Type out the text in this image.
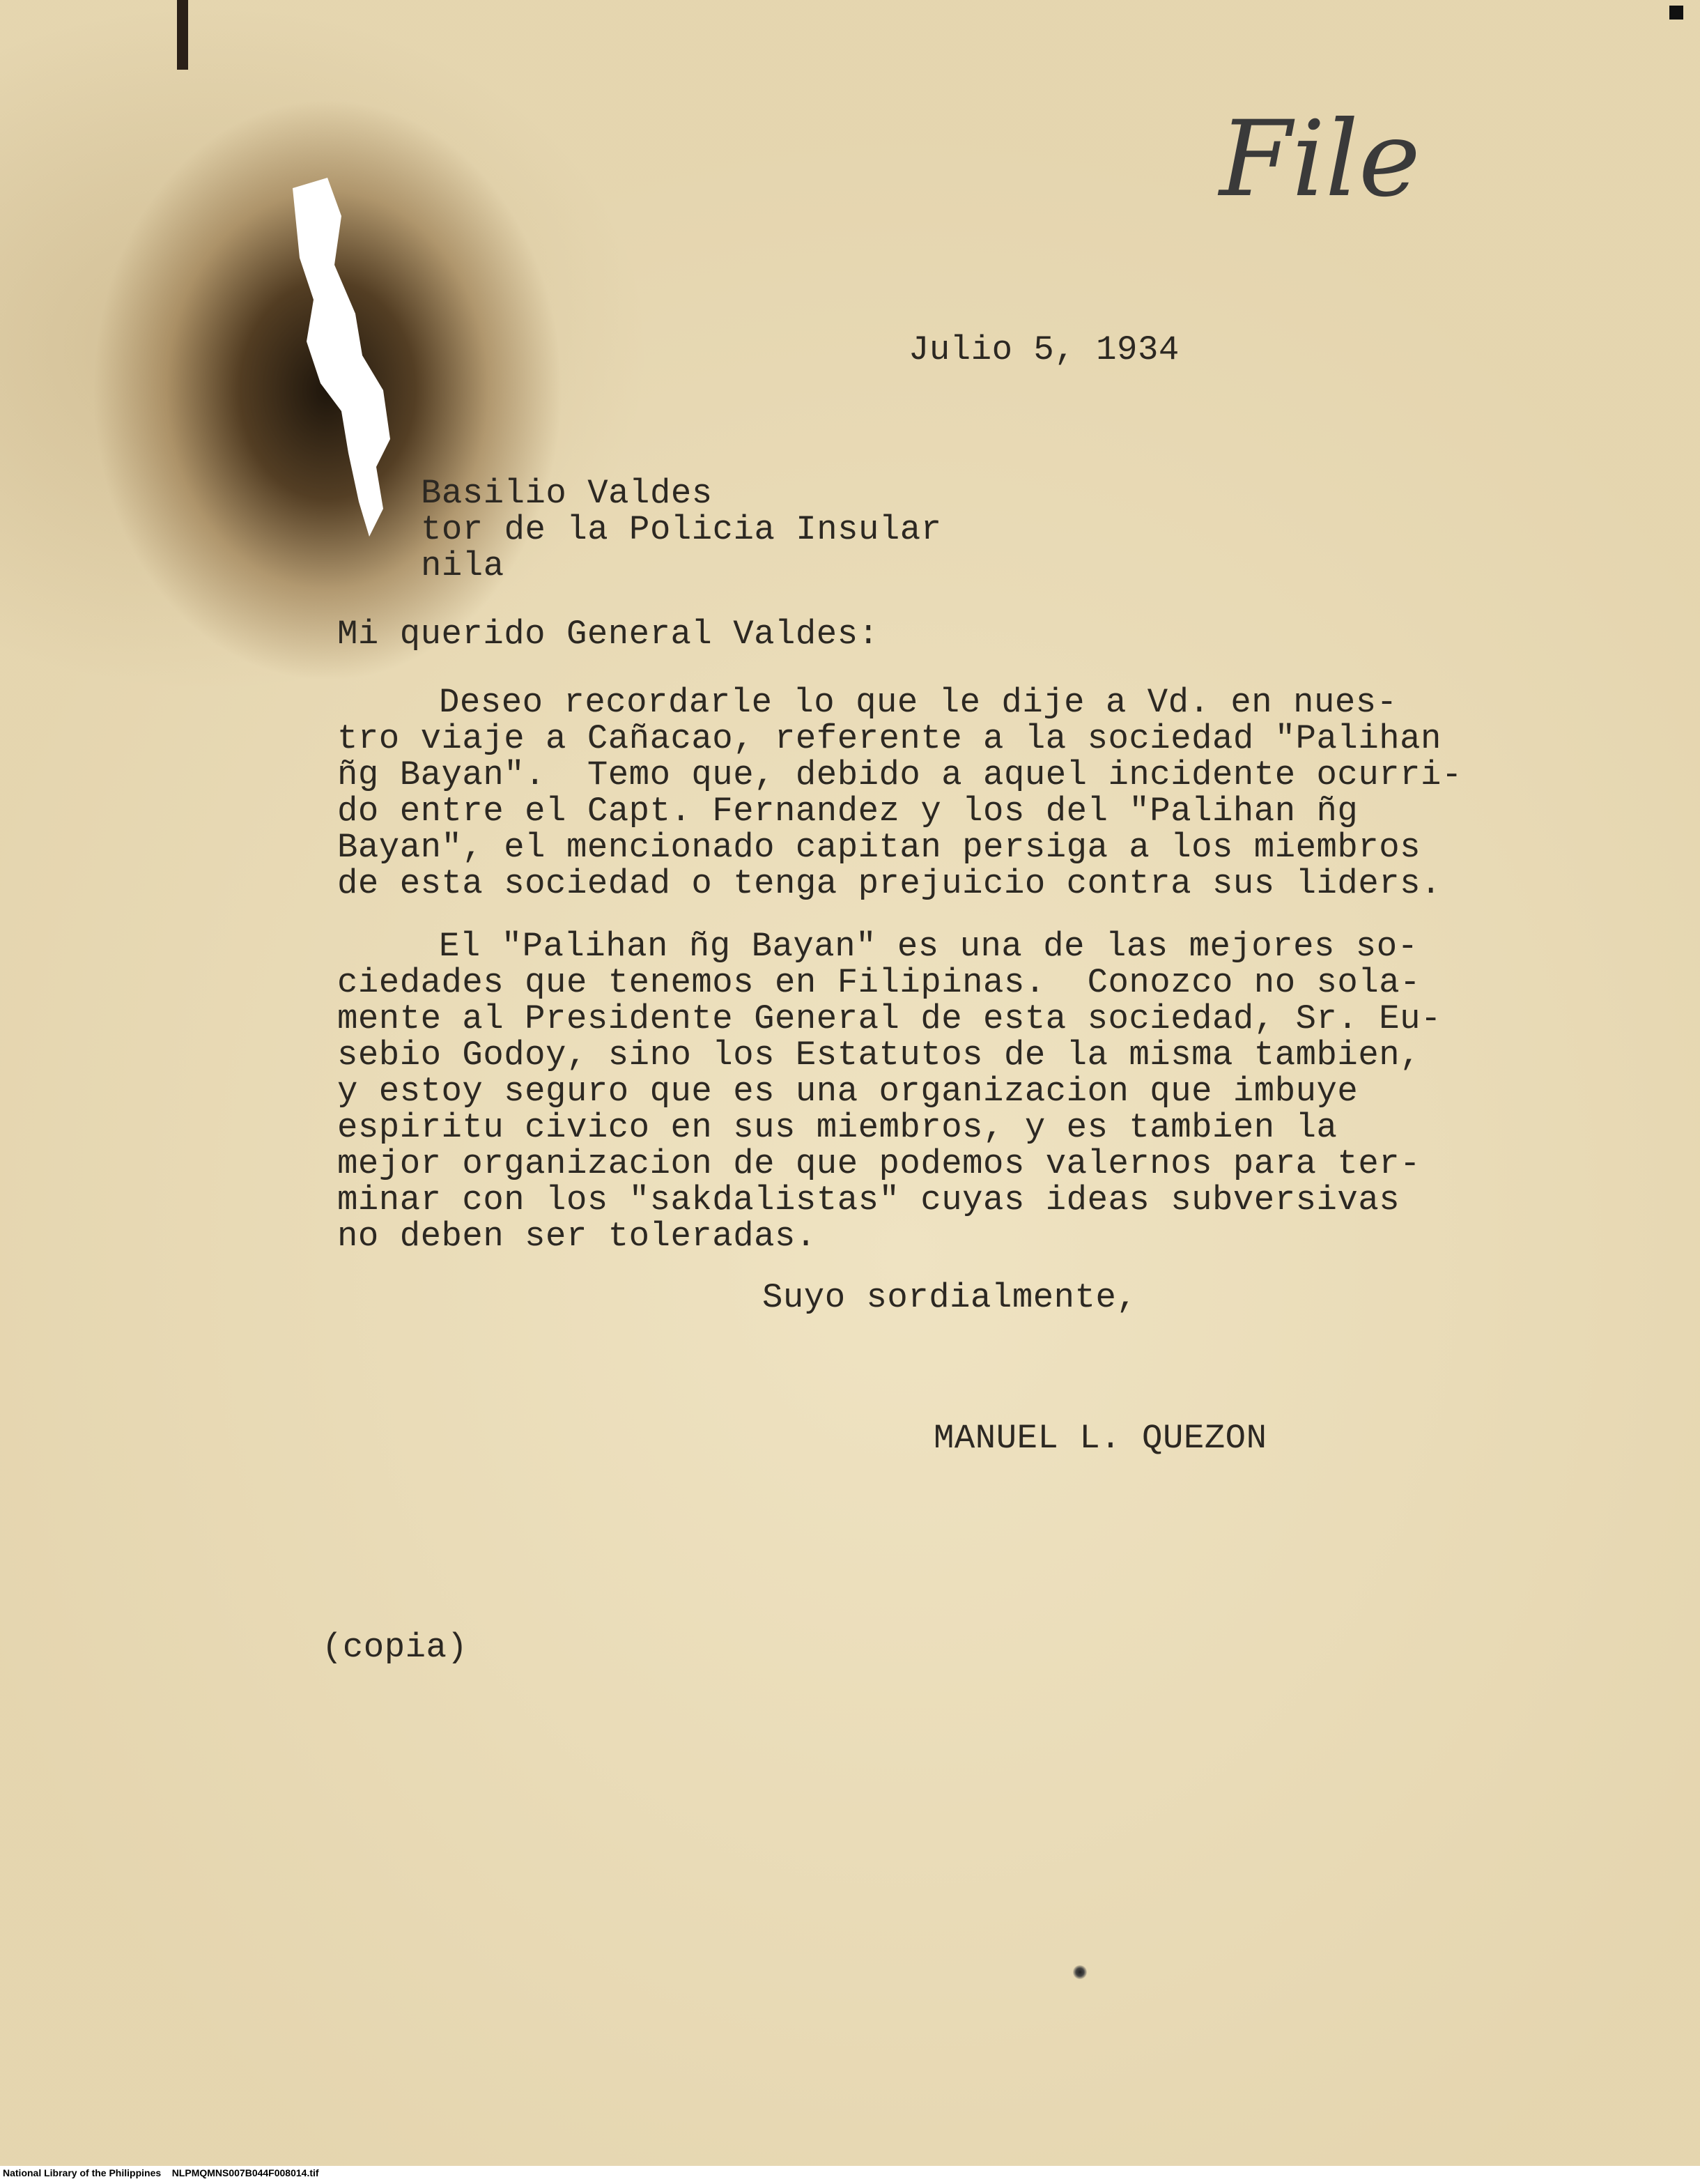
File
Julio 5, 1934
Basilio Valdes
tor de la Policia Insular
nila
Mi querido General Valdes:
Deseo recordarle lo que le dije a Vd. en nues-
tro viaje a Cañacao, referente a la sociedad "Palihan
ñg Bayan".  Temo que, debido a aquel incidente ocurri-
do entre el Capt. Fernandez y los del "Palihan ñg
Bayan", el mencionado capitan persiga a los miembros
de esta sociedad o tenga prejuicio contra sus liders.
El "Palihan ñg Bayan" es una de las mejores so-
ciedades que tenemos en Filipinas.  Conozco no sola-
mente al Presidente General de esta sociedad, Sr. Eu-
sebio Godoy, sino los Estatutos de la misma tambien,
y estoy seguro que es una organizacion que imbuye
espiritu civico en sus miembros, y es tambien la
mejor organizacion de que podemos valernos para ter-
minar con los "sakdalistas" cuyas ideas subversivas
no deben ser toleradas.
Suyo sordialmente,
MANUEL L. QUEZON
(copia)
National Library of the Philippines    NLPMQMNS007B044F008014.tif
